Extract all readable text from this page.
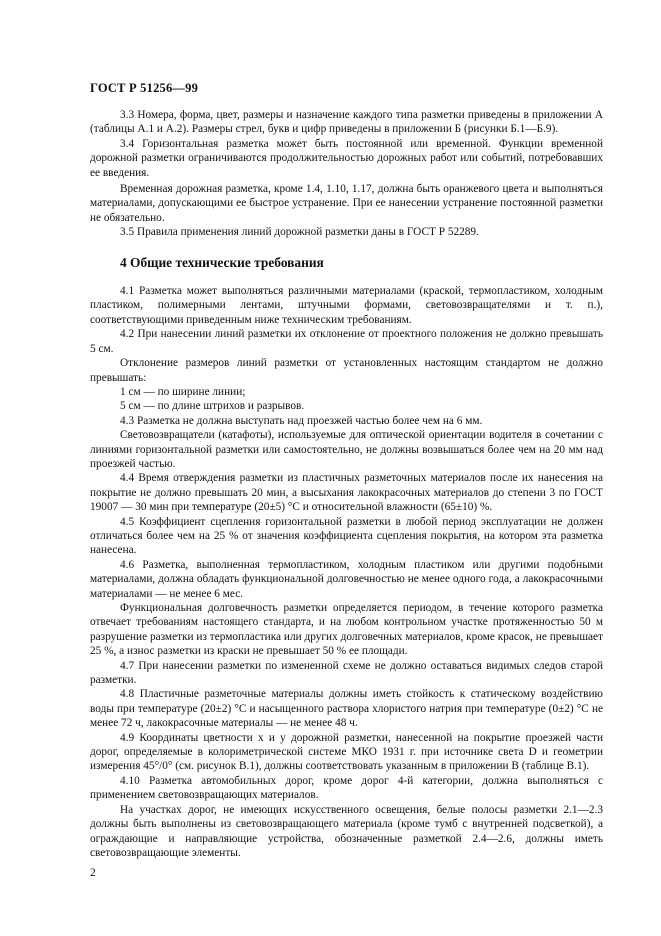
ГОСТ Р 51256—99

3.3 Номера, форма, цвет, размеры и назначение каждого типа разметки приведены в приложении А (таблицы А.1 и А.2). Размеры стрел, букв и цифр приведены в приложении Б (рисунки Б.1—Б.9).

3.4 Горизонтальная разметка может быть постоянной или временной. Функции временной дорожной разметки ограничиваются продолжительностью дорожных работ или событий, потребовавших ее введения.

Временная дорожная разметка, кроме 1.4, 1.10, 1.17, должна быть оранжевого цвета и выполняться материалами, допускающими ее быстрое устранение. При ее нанесении устранение постоянной разметки не обязательно.

3.5 Правила применения линий дорожной разметки даны в ГОСТ Р 52289.

4 Общие технические требования

4.1 Разметка может выполняться различными материалами (краской, термопластиком, холодным пластиком, полимерными лентами, штучными формами, световозвращателями и т. п.), соответствующими приведенным ниже техническим требованиям.

4.2 При нанесении линий разметки их отклонение от проектного положения не должно превышать 5 см.

Отклонение размеров линий разметки от установленных настоящим стандартом не должно превышать:

1 см — по ширине линии;

5 см — по длине штрихов и разрывов.

4.3 Разметка не должна выступать над проезжей частью более чем на 6 мм.

Световозвращатели (катафоты), используемые для оптической ориентации водителя в сочетании с линиями горизонтальной разметки или самостоятельно, не должны возвышаться более чем на 20 мм над проезжей частью.

4.4 Время отверждения разметки из пластичных разметочных материалов после их нанесения на покрытие не должно превышать 20 мин, а высыхания лакокрасочных материалов до степени 3 по ГОСТ 19007 — 30 мин при температуре (20±5) °С и относительной влажности (65±10) %.

4.5 Коэффициент сцепления горизонтальной разметки в любой период эксплуатации не должен отличаться более чем на 25 % от значения коэффициента сцепления покрытия, на котором эта разметка нанесена.

4.6 Разметка, выполненная термопластиком, холодным пластиком или другими подобными материалами, должна обладать функциональной долговечностью не менее одного года, а лакокрасочными материалами — не менее 6 мес.

Функциональная долговечность разметки определяется периодом, в течение которого разметка отвечает требованиям настоящего стандарта, и на любом контрольном участке протяженностью 50 м разрушение разметки из термопластика или других долговечных материалов, кроме красок, не превышает 25 %, а износ разметки из краски не превышает 50 % ее площади.

4.7 При нанесении разметки по измененной схеме не должно оставаться видимых следов старой разметки.

4.8 Пластичные разметочные материалы должны иметь стойкость к статическому воздействию воды при температуре (20±2) °С и насыщенного раствора хлористого натрия при температуре (0±2) °С не менее 72 ч, лакокрасочные материалы — не менее 48 ч.

4.9 Координаты цветности x и y дорожной разметки, нанесенной на покрытие проезжей части дорог, определяемые в колориметрической системе МКО 1931 г. при источнике света D и геометрии измерения 45°/0° (см. рисунок В.1), должны соответствовать указанным в приложении В (таблице В.1).

4.10 Разметка автомобильных дорог, кроме дорог 4-й категории, должна выполняться с применением световозвращающих материалов.

На участках дорог, не имеющих искусственного освещения, белые полосы разметки 2.1—2.3 должны быть выполнены из световозвращающего материала (кроме тумб с внутренней подсветкой), а ограждающие и направляющие устройства, обозначенные разметкой 2.4—2.6, должны иметь световозвращающие элементы.

2
